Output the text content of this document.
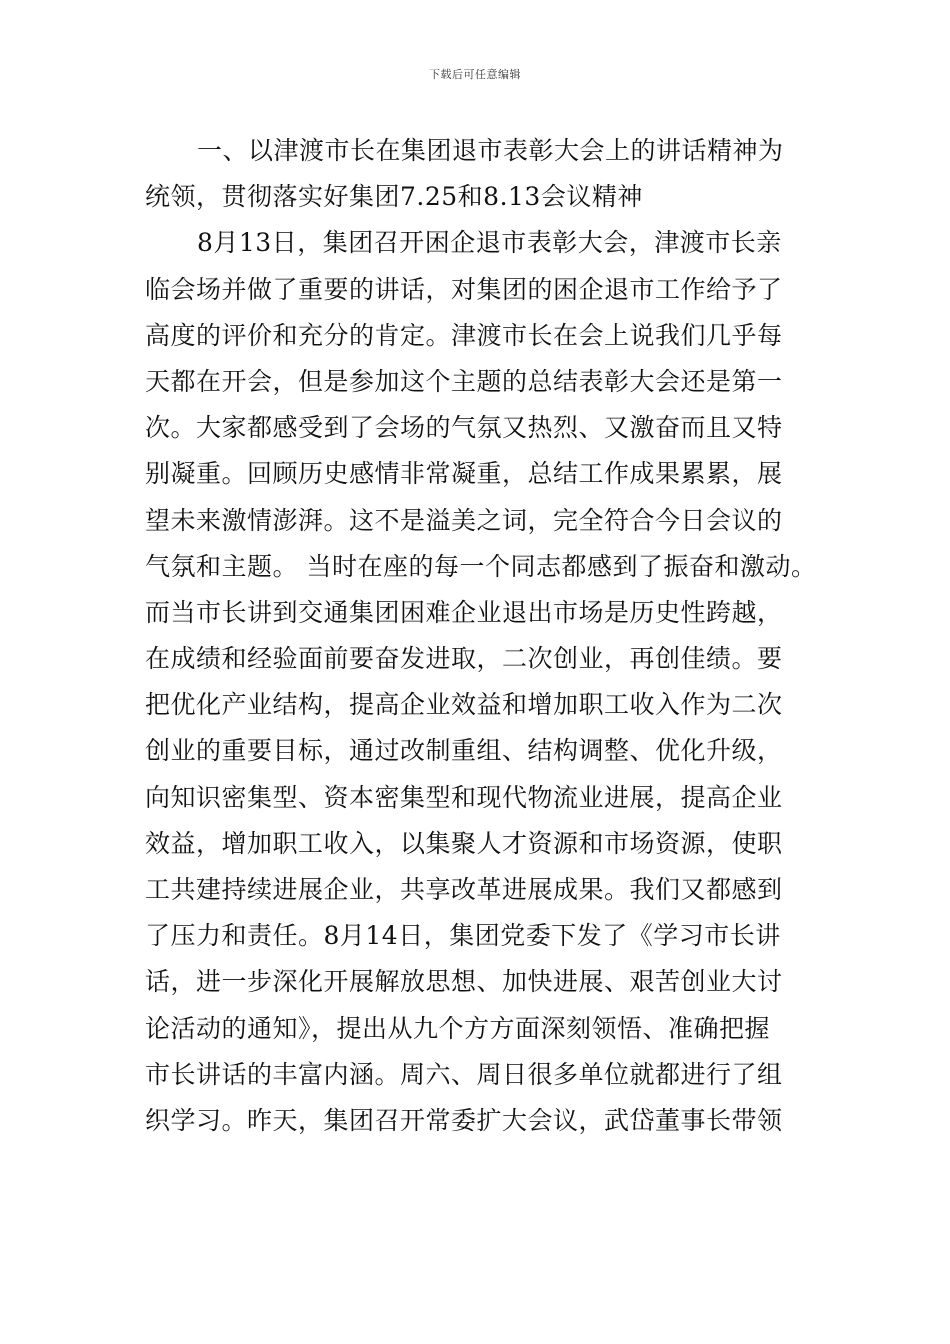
下载后可任意编辑
一、以津渡市长在集团退市表彰大会上的讲话精神为
统领，贯彻落实好集团7.25和8.13会议精神
8月13日，集团召开困企退市表彰大会，津渡市长亲
临会场并做了重要的讲话，对集团的困企退市工作给予了
高度的评价和充分的肯定。津渡市长在会上说我们几乎每
天都在开会，但是参加这个主题的总结表彰大会还是第一
次。大家都感受到了会场的气氛又热烈、又激奋而且又特
别凝重。回顾历史感情非常凝重，总结工作成果累累，展
望未来激情澎湃。这不是溢美之词，完全符合今日会议的
气氛和主题。 当时在座的每一个同志都感到了振奋和激动。
而当市长讲到交通集团困难企业退出市场是历史性跨越，
在成绩和经验面前要奋发进取，二次创业，再创佳绩。要
把优化产业结构，提高企业效益和增加职工收入作为二次
创业的重要目标，通过改制重组、结构调整、优化升级，
向知识密集型、资本密集型和现代物流业进展，提高企业
效益，增加职工收入，以集聚人才资源和市场资源，使职
工共建持续进展企业，共享改革进展成果。我们又都感到
了压力和责任。8月14日，集团党委下发了《学习市长讲
话，进一步深化开展解放思想、加快进展、艰苦创业大讨
论活动的通知》，提出从九个方方面深刻领悟、准确把握
市长讲话的丰富内涵。周六、周日很多单位就都进行了组
织学习。昨天，集团召开常委扩大会议，武岱董事长带领
